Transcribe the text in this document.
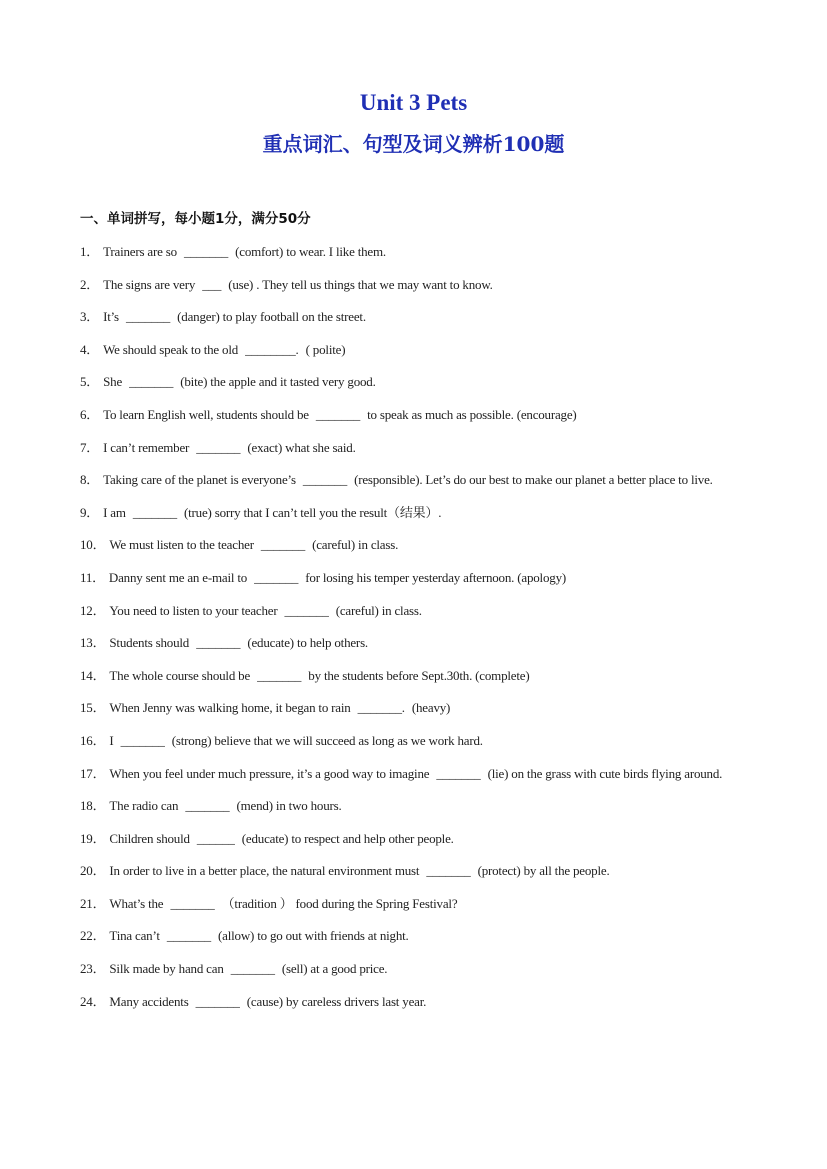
Unit 3 Pets
重点词汇、句型及词义辨析100题

一、单词拼写，每小题1分，满分50分

1． Trainers are so _______ (comfort) to wear. I like them.
2． The signs are very ___ (use) . They tell us things that we may want to know.
3． It’s _______ (danger) to play football on the street.
4． We should speak to the old ________. ( polite)
5． She _______ (bite) the apple and it tasted very good.
6． To learn English well, students should be _______ to speak as much as possible. (encourage)
7． I can’t remember _______ (exact) what she said.
8． Taking care of the planet is everyone’s _______ (responsible). Let’s do our best to make our planet a better place to live.
9． I am _______ (true) sorry that I can’t tell you the result（结果）.
10． We must listen to the teacher _______ (careful) in class.
11． Danny sent me an e-mail to _______ for losing his temper yesterday afternoon. (apology)
12． You need to listen to your teacher _______ (careful) in class.
13． Students should _______ (educate) to help others.
14． The whole course should be _______ by the students before Sept.30th. (complete)
15． When Jenny was walking home, it began to rain _______. (heavy)
16． I _______ (strong) believe that we will succeed as long as we work hard.
17． When you feel under much pressure, it’s a good way to imagine _______ (lie) on the grass with cute birds flying around.
18． The radio can _______ (mend) in two hours.
19． Children should ______ (educate) to respect and help other people.
20． In order to live in a better place, the natural environment must _______ (protect) by all the people.
21． What’s the _______ （tradition ） food during the Spring Festival?
22． Tina can’t _______ (allow) to go out with friends at night.
23． Silk made by hand can _______ (sell) at a good price.
24． Many accidents _______ (cause) by careless drivers last year.
